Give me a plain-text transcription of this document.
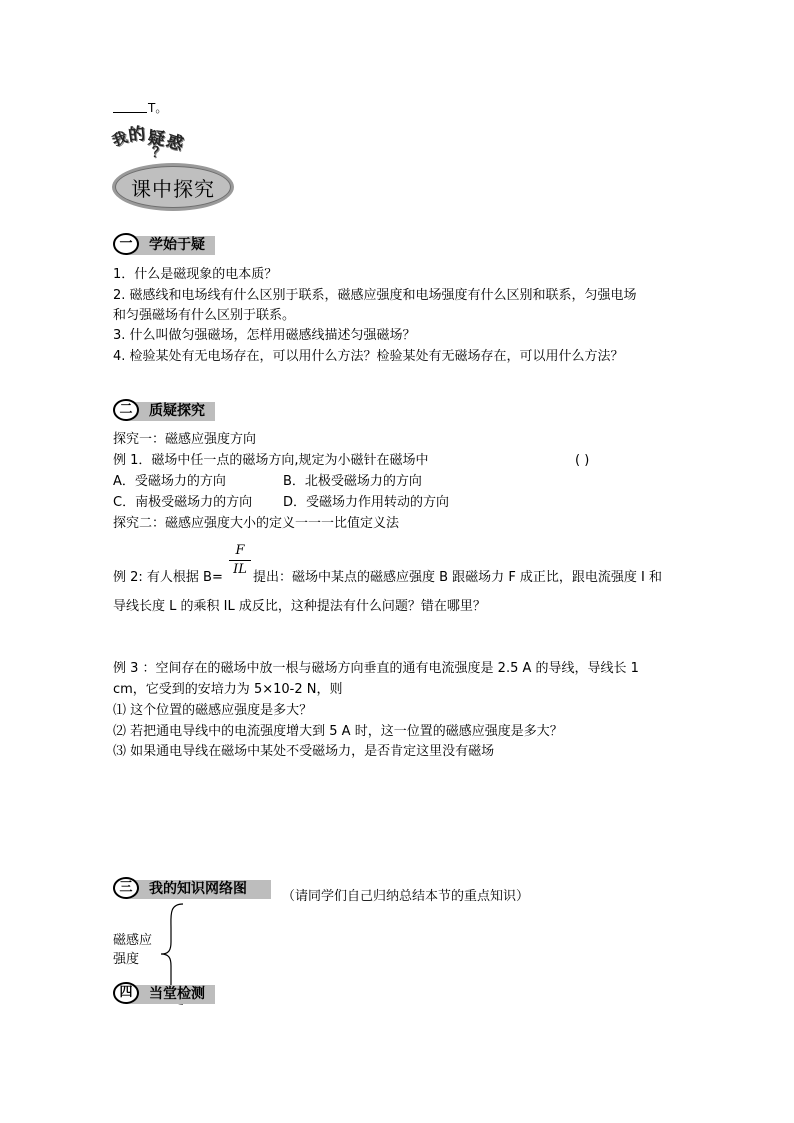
T。
我
的 疑
惑
？
课中探究
一	学始于疑
1．什么是磁现象的电本质？
2. 磁感线和电场线有什么区别于联系，磁感应强度和电场强度有什么区别和联系，匀强电场
和匀强磁场有什么区别于联系。
3. 什么叫做匀强磁场，怎样用磁感线描述匀强磁场？
4. 检验某处有无电场存在，可以用什么方法？检验某处有无磁场存在，可以用什么方法？
二	质疑探究
探究一：磁感应强度方向
例 1．磁场中任一点的磁场方向,规定为小磁针在磁场中	( )
A．受磁场力的方向	B．北极受磁场力的方向
C．南极受磁场力的方向 D．受磁场力作用转动的方向
探究二：磁感应强度大小的定义一一一比值定义法
例 2: 有人根据 B=
F
IL
提出：磁场中某点的磁感应强度 B 跟磁场力 F 成正比，跟电流强度 I 和
导线长度 L 的乘积 IL 成反比，这种提法有什么问题？错在哪里？
例 3 ：空间存在的磁场中放一根与磁场方向垂直的通有电流强度是 2.5 A 的导线，导线长 1
cm，它受到的安培力为 5×10-2 N，则
⑴ 这个位置的磁感应强度是多大？
⑵ 若把通电导线中的电流强度增大到 5 A 时，这一位置的磁感应强度是多大？
⑶ 如果通电导线在磁场中某处不受磁场力，是否肯定这里没有磁场
三	我的知识网络图	（请同学们自己归纳总结本节的重点知识）
磁感应
强度
四	当堂检测
